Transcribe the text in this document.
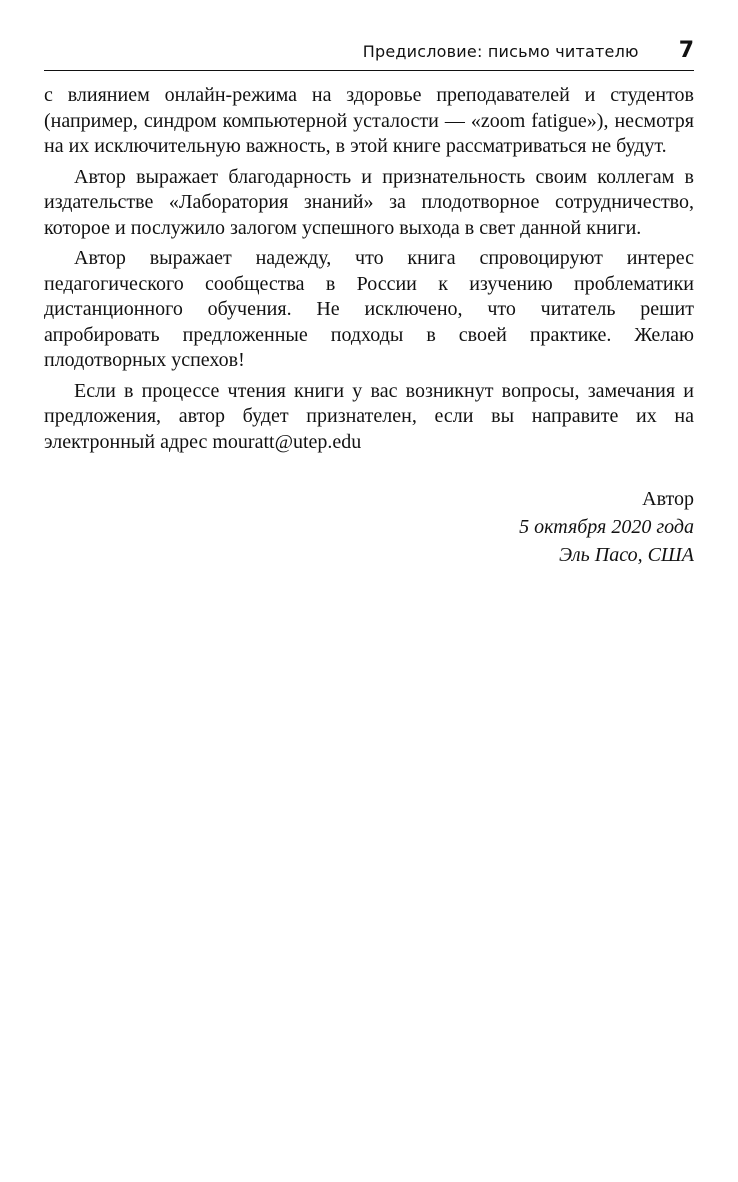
Предисловие: письмо читателю 7

с влиянием онлайн-режима на здоровье преподавателей и студентов (например, синдром компьютерной усталости — «zoom fatigue»), несмотря на их исключительную важность, в этой книге рассматриваться не будут.

Автор выражает благодарность и признательность своим коллегам в издательстве «Лаборатория знаний» за плодотворное сотрудничество, которое и послужило залогом успешного выхода в свет данной книги.

Автор выражает надежду, что книга спровоцируют интерес педагогического сообщества в России к изучению проблематики дистанционного обучения. Не исключено, что читатель решит апробировать предложенные подходы в своей практике. Желаю плодотворных успехов!

Если в процессе чтения книги у вас возникнут вопросы, замечания и предложения, автор будет признателен, если вы направите их на электронный адрес mouratt@utep.edu

Автор
5 октября 2020 года
Эль Пасо, США
